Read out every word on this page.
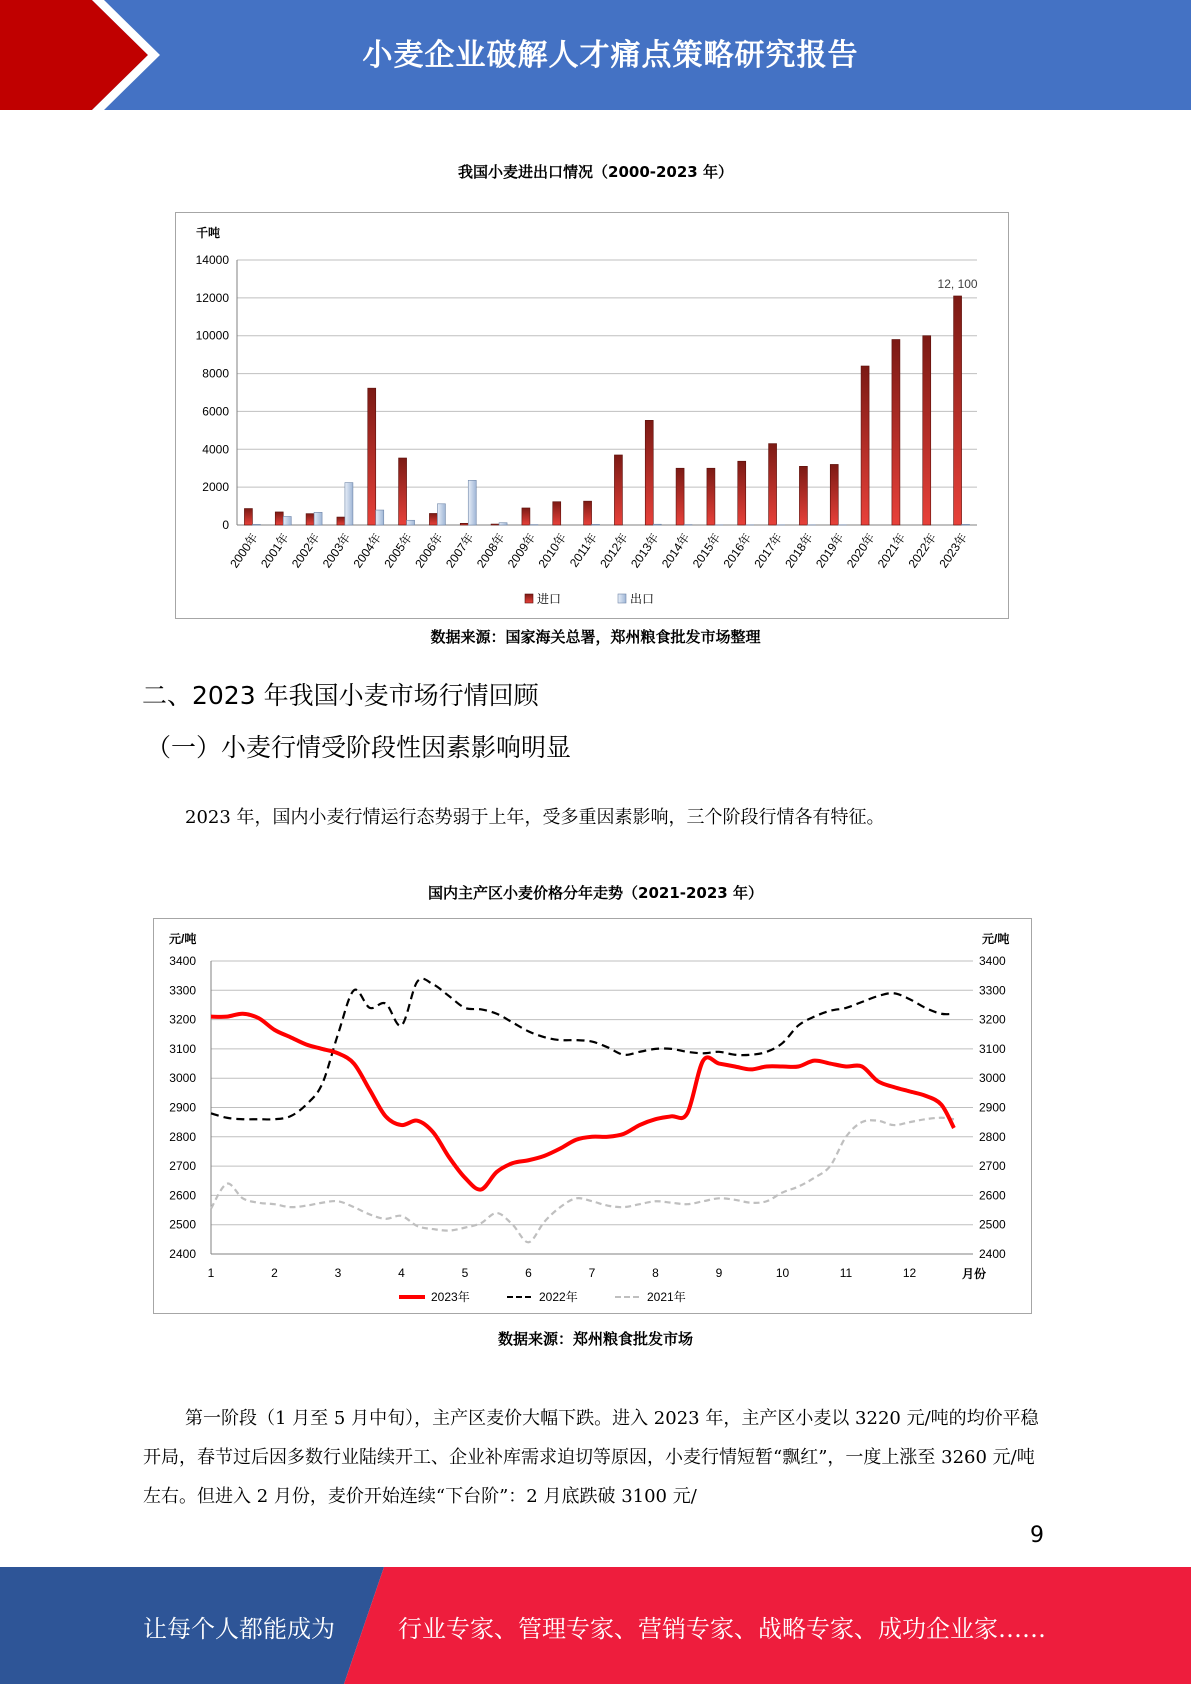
小麦企业破解人才痛点策略研究报告
我国小麦进出口情况（2000-2023 年）
千吨
0
2000
4000
6000
8000
10000
12000
14000
2000年
2001年
2002年
2003年
2004年
2005年
2006年
2007年
2008年
2009年
2010年
2011年
2012年
2013年
2014年
2015年
2016年
2017年
2018年
2019年
2020年
2021年
2022年
2023年
12, 100
进口	出口
数据来源：国家海关总署，郑州粮食批发市场整理
二、2023 年我国小麦市场行情回顾
（一）小麦行情受阶段性因素影响明显
2023 年，国内小麦行情运行态势弱于上年，受多重因素影响，三个阶段行情各有特征。
国内主产区小麦价格分年走势（2021-2023 年）
元/吨	元/吨
2400	2400
2500	2500
2600	2600
2700	2700
2800	2800
2900	2900
3000	3000
3100	3100
3200	3200
3300	3300
3400	3400
1	2	3	4	5	6	7	8	9	10	11	12	月份
2023年	2022年	2021年
数据来源：郑州粮食批发市场
第一阶段（1 月至 5 月中旬），主产区麦价大幅下跌。进入 2023 年，主产区小麦以 3220 元/吨的均价平稳开局，春节过后因多数行业陆续开工、企业补库需求迫切等原因，小麦行情短暂“飘红”，一度上涨至 3260 元/吨左右。但进入 2 月份，麦价开始连续“下台阶”：2 月底跌破 3100 元/
9
让每个人都能成为	行业专家、管理专家、营销专家、战略专家、成功企业家……
